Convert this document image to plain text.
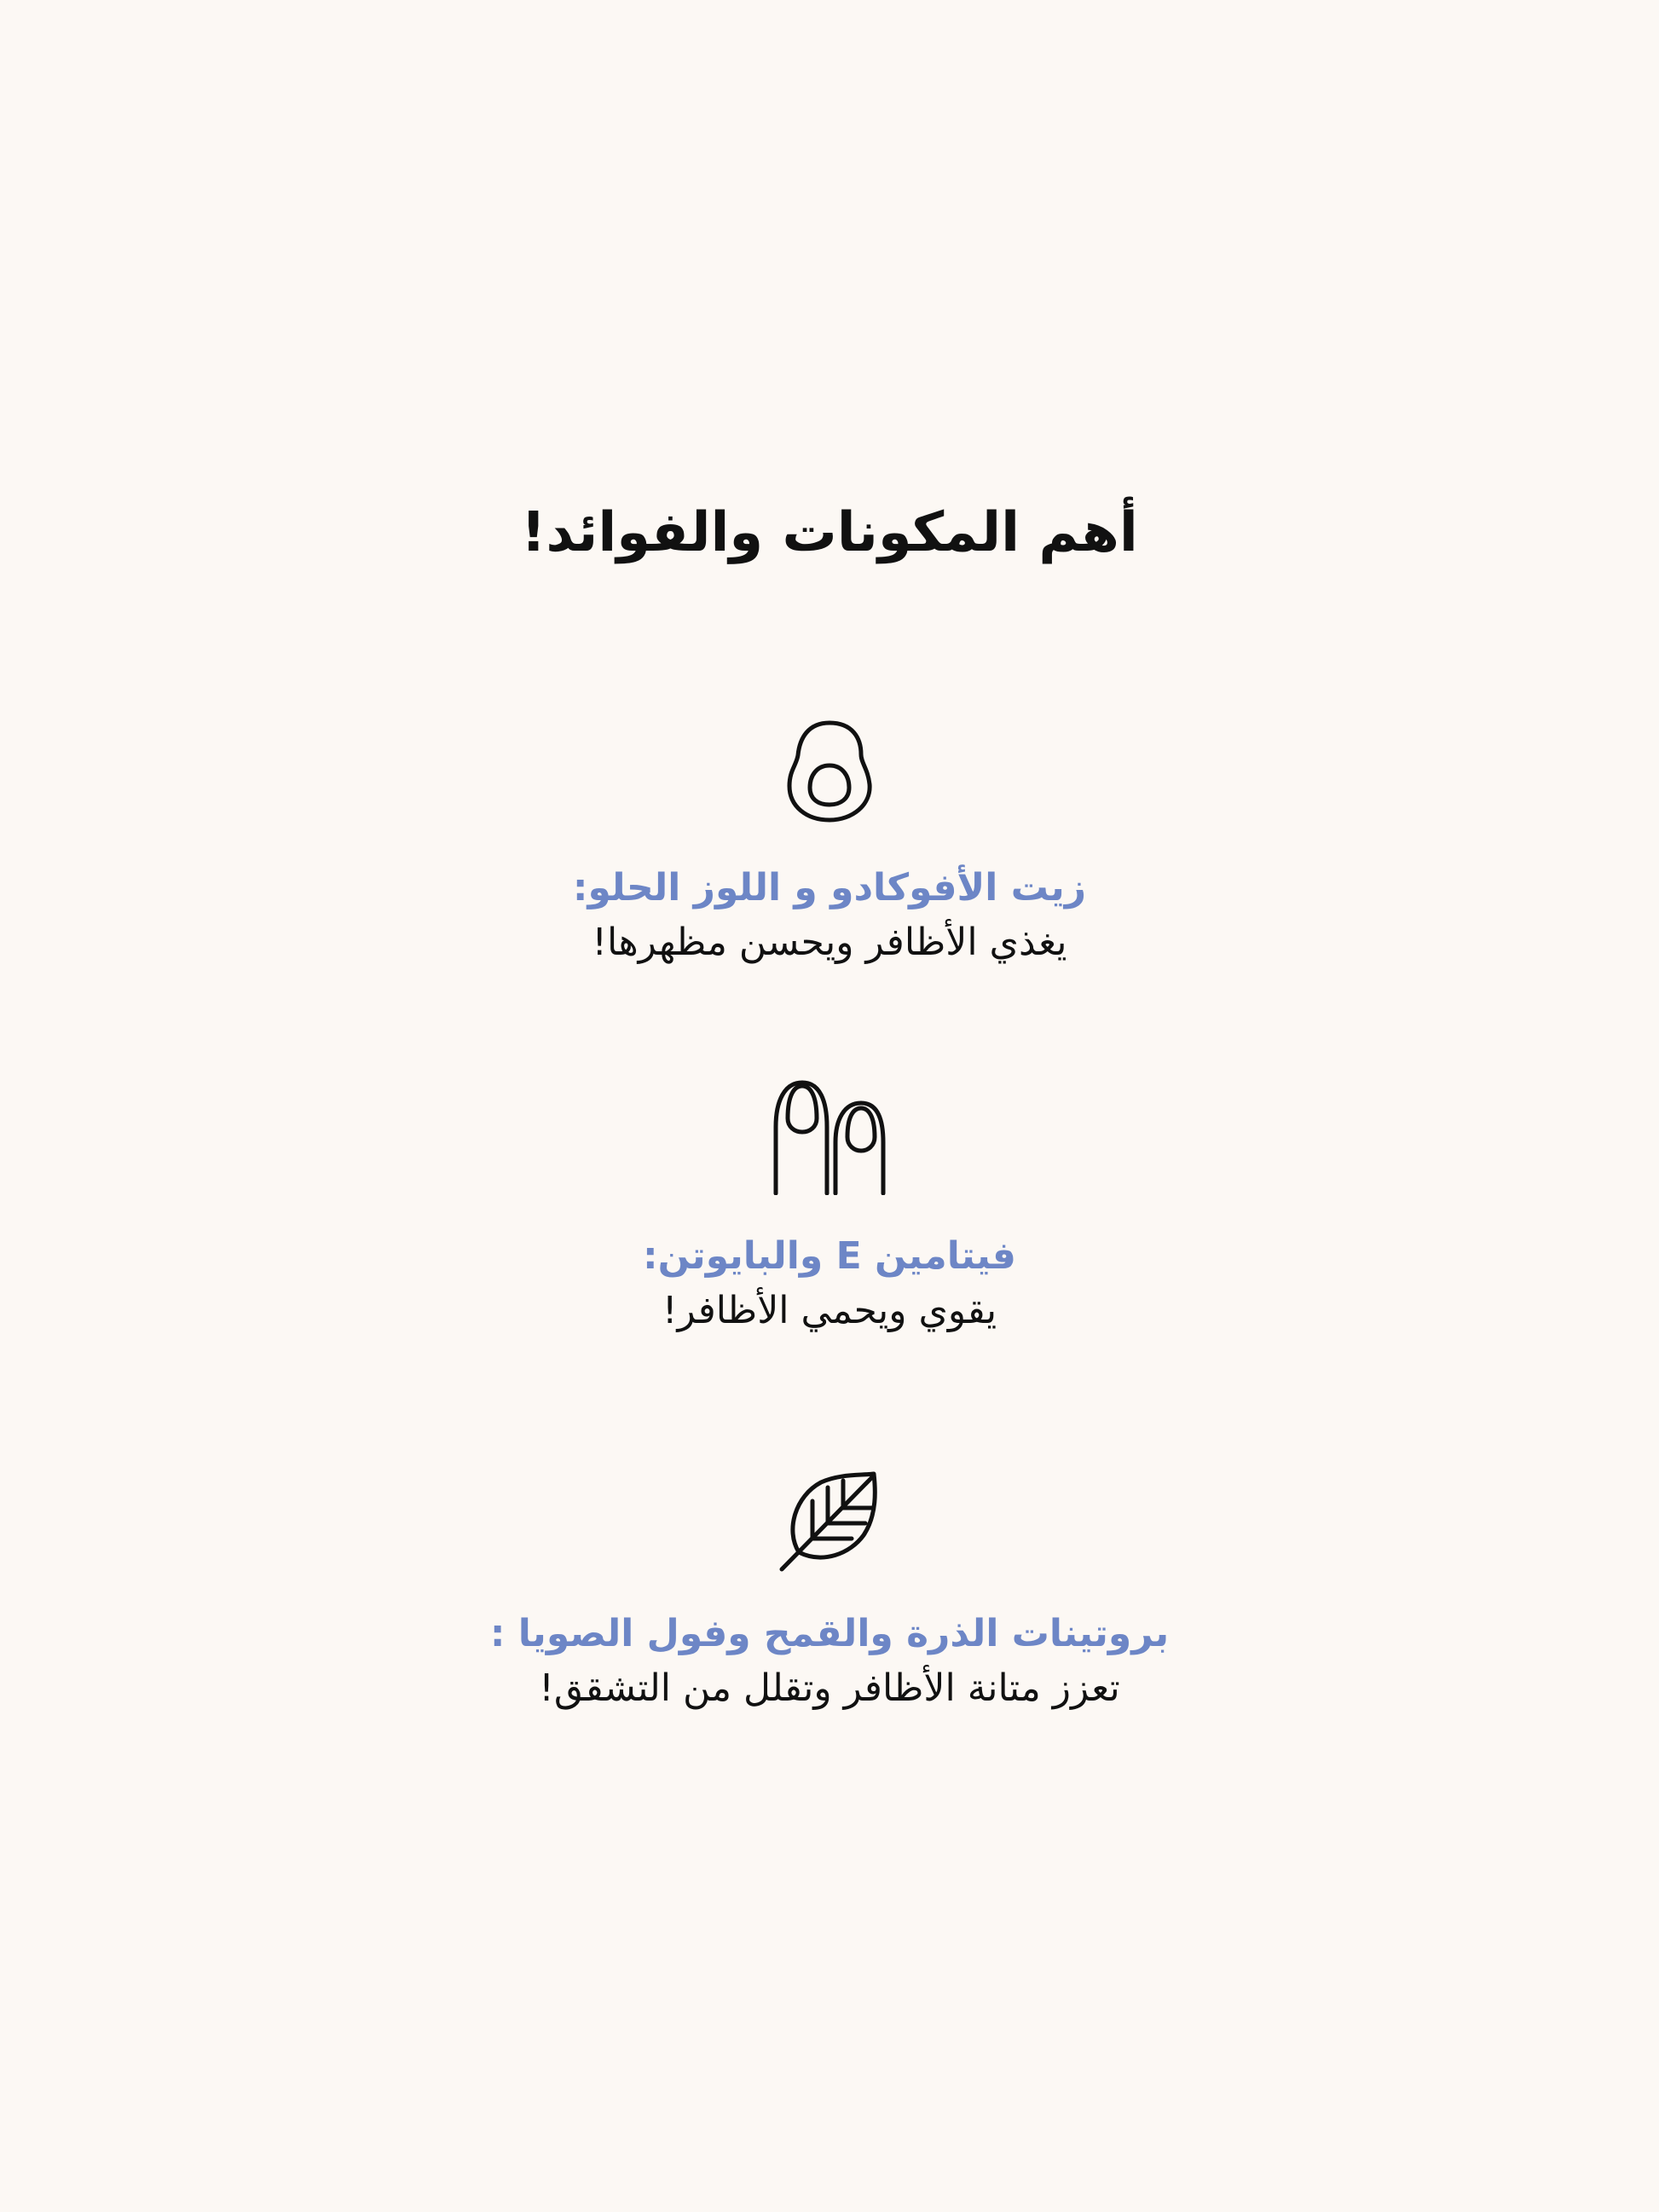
أهم المكونات والفوائد!
زيت الأفوكادو و اللوز الحلو:
يغذي الأظافر ويحسن مظهرها!
فيتامين E والبايوتن:
يقوي ويحمي الأظافر!
بروتينات الذرة والقمح وفول الصويا :
تعزز متانة الأظافر وتقلل من التشقق!
